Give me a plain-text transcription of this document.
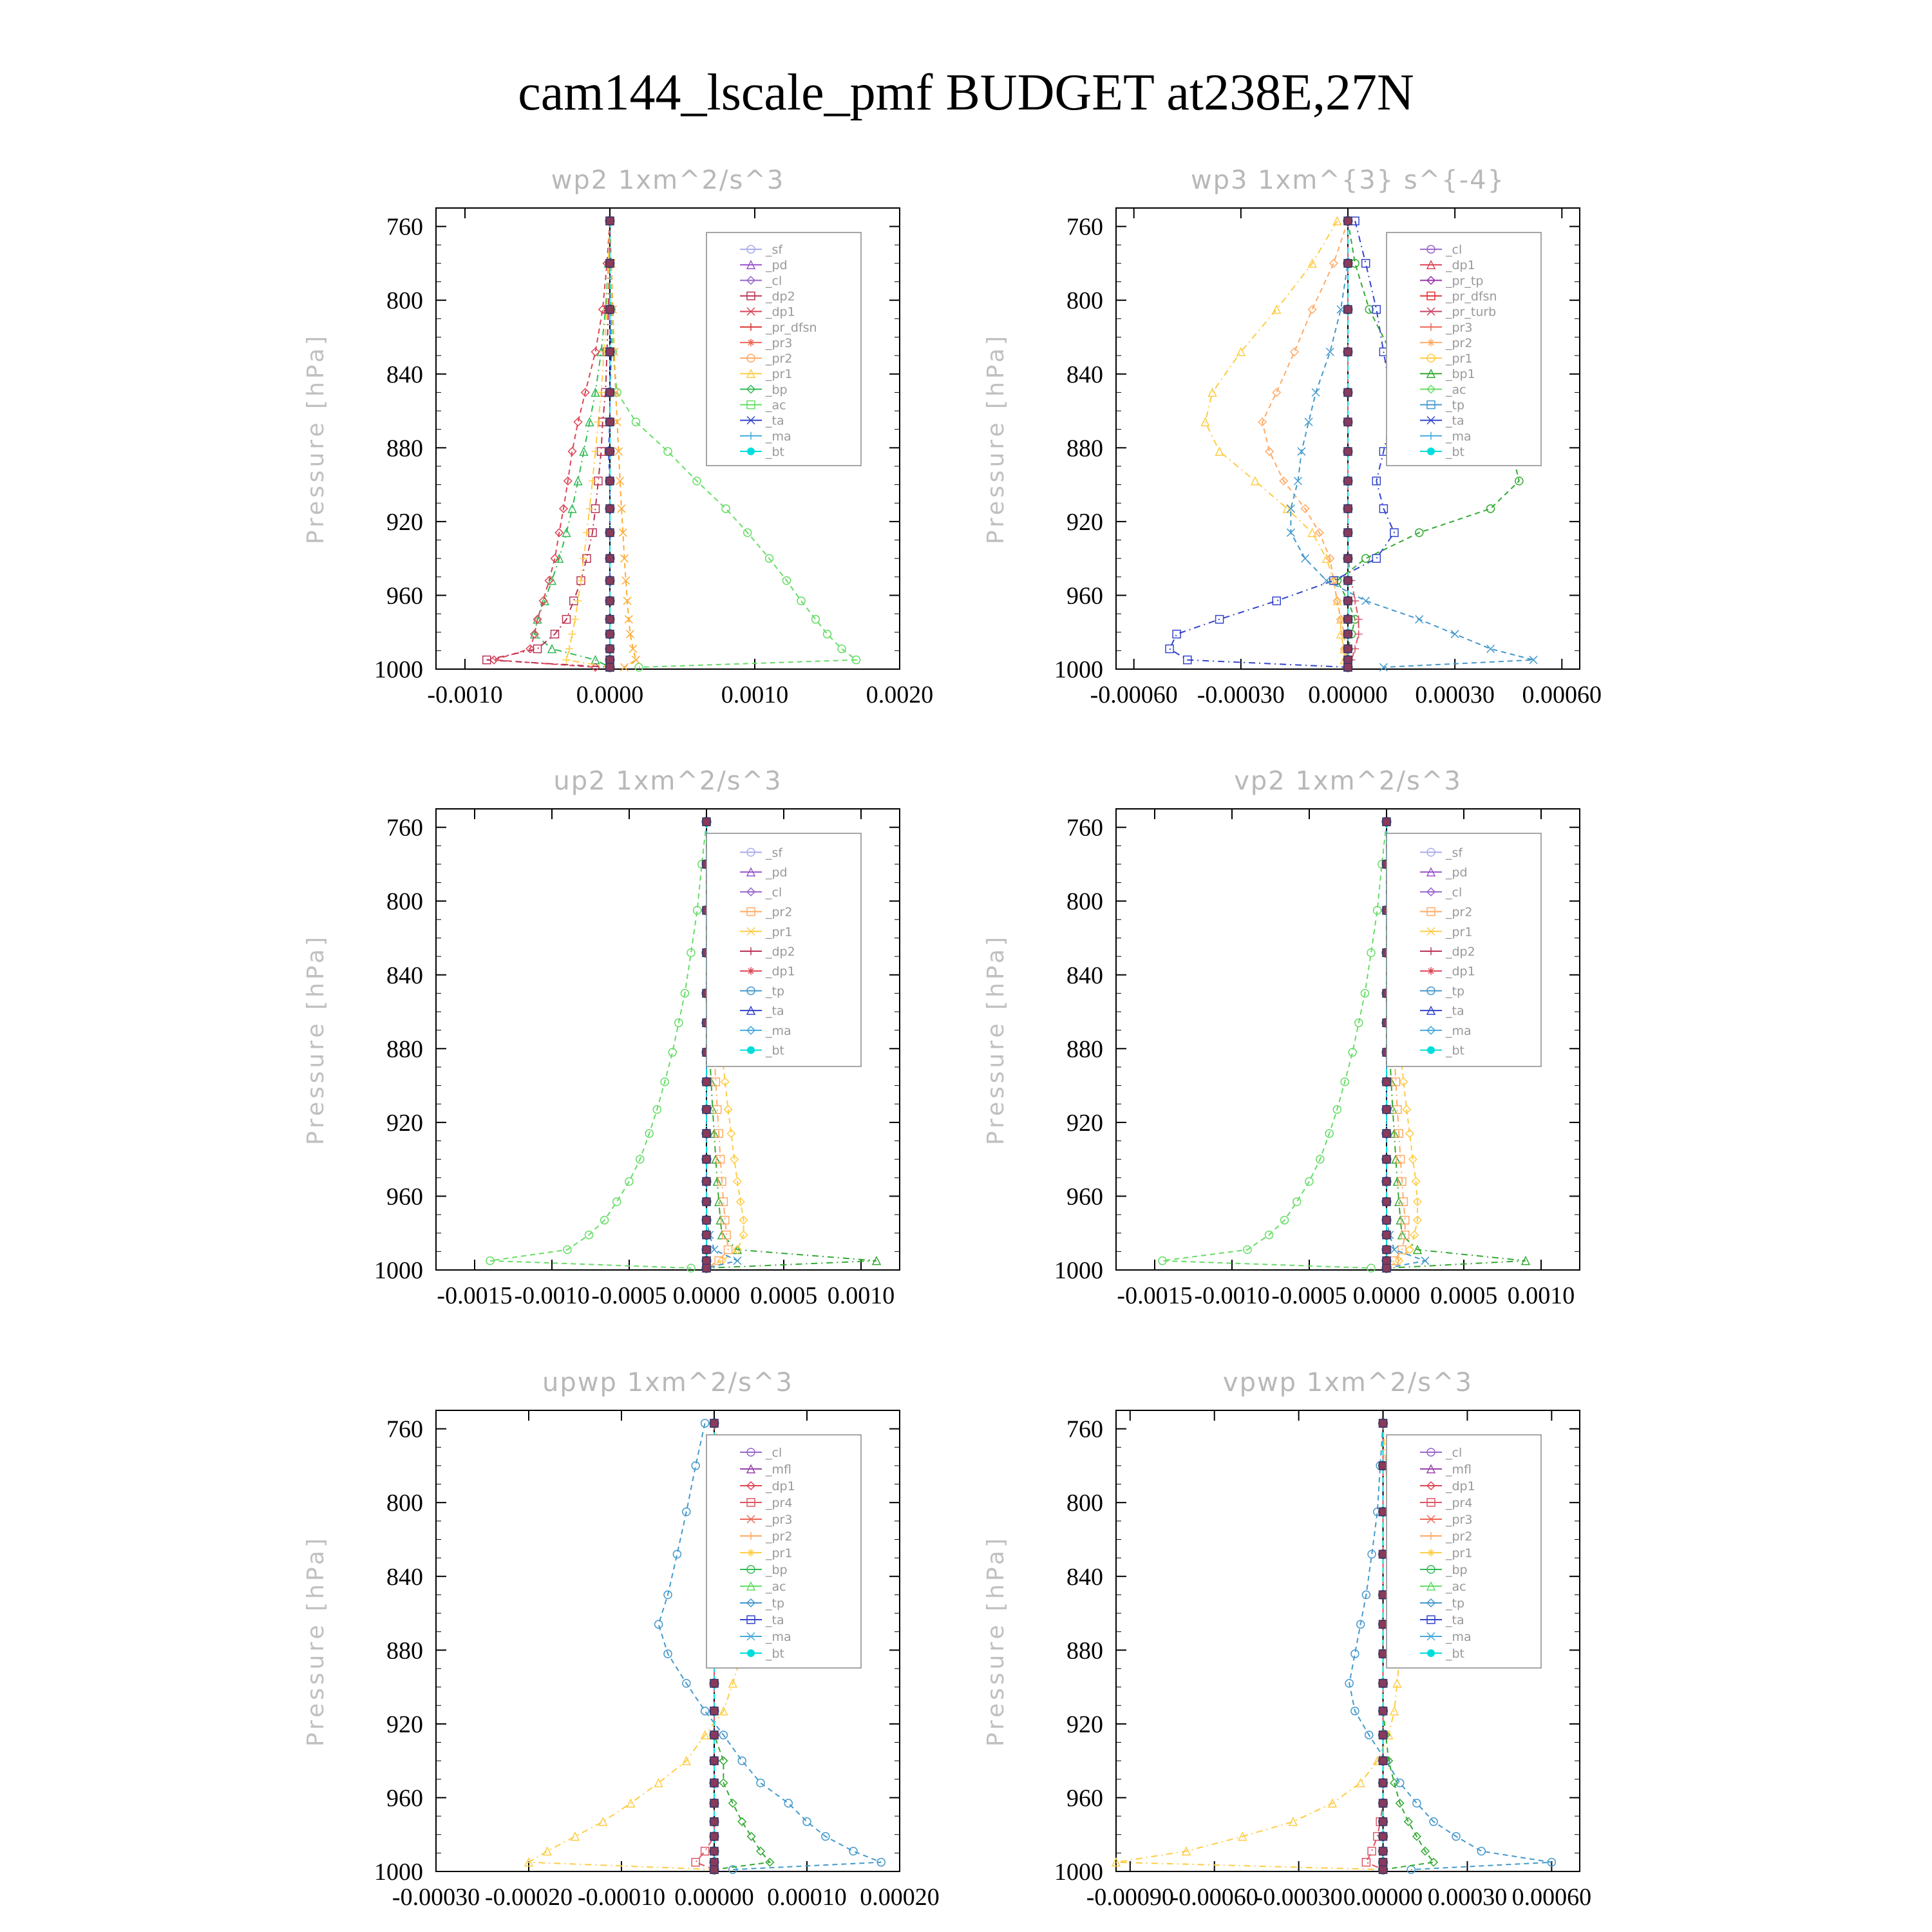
cam144_lscale_pmf BUDGET at238E,27N
wp2 1xm^2/s^3
Pressure [hPa]
760
800
840
880
920
960
1000
-0.0010	0.0000	0.0010	0.0020
_sf
_pd
_cl
_dp2
_dp1
_pr_dfsn
_pr3
_pr2
_pr1
_bp
_ac
_ta
_ma
_bt
wp3 1xm^{3} s^{-4}
Pressure [hPa]
760
800
840
880
920
960
1000
-0.00060 -0.00030 0.00000 0.00030 0.00060
_cl
_dp1
_pr_tp
_pr_dfsn
_pr_turb
_pr3
_pr2
_pr1
_bp1
_ac
_tp
_ta
_ma
_bt
up2 1xm^2/s^3
Pressure [hPa]
760
800
840
880
920
960
1000
-0.0015 -0.0010 -0.0005 0.0000 0.0005 0.0010
_sf
_pd
_cl
_pr2
_pr1
_dp2
_dp1
_tp
_ta
_ma
_bt
vp2 1xm^2/s^3
Pressure [hPa]
760
800
840
880
920
960
1000
-0.0015 -0.0010 -0.0005 0.0000 0.0005 0.0010
_sf
_pd
_cl
_pr2
_pr1
_dp2
_dp1
_tp
_ta
_ma
_bt
upwp 1xm^2/s^3
Pressure [hPa]
760
800
840
880
920
960
1000
-0.00030 -0.00020 -0.00010 0.00000 0.00010 0.00020
_cl
_mfl
_dp1
_pr4
_pr3
_pr2
_pr1
_bp
_ac
_tp
_ta
_ma
_bt
vpwp 1xm^2/s^3
Pressure [hPa]
760
800
840
880
920
960
1000
-0.00090
-0.00060
-0.00030 0.00000 0.00030 0.00060
_cl
_mfl
_dp1
_pr4
_pr3
_pr2
_pr1
_bp
_ac
_tp
_ta
_ma
_bt
